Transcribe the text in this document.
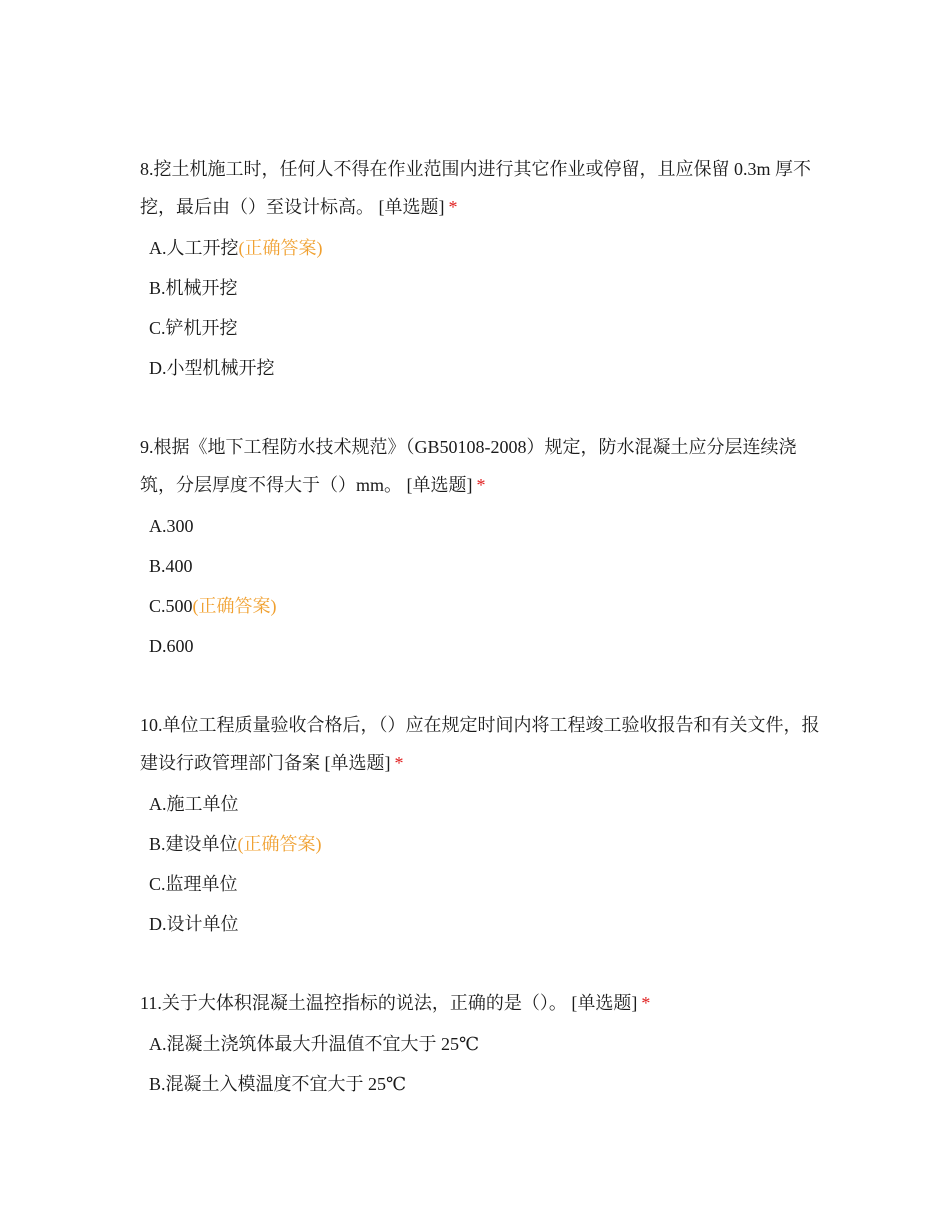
8.挖土机施工时，任何人不得在作业范围内进行其它作业或停留，且应保留 0.3m 厚不挖，最后由（）至设计标高。 [单选题] *

A.人工开挖(正确答案)
B.机械开挖
C.铲机开挖
D.小型机械开挖

9.根据《地下工程防水技术规范》（GB50108-2008）规定，防水混凝土应分层连续浇筑，分层厚度不得大于（）mm。 [单选题] *

A.300
B.400
C.500(正确答案)
D.600

10.单位工程质量验收合格后，（）应在规定时间内将工程竣工验收报告和有关文件，报建设行政管理部门备案 [单选题] *

A.施工单位
B.建设单位(正确答案)
C.监理单位
D.设计单位

11.关于大体积混凝土温控指标的说法，正确的是（）。 [单选题] *

A.混凝土浇筑体最大升温值不宜大于 25℃
B.混凝土入模温度不宜大于 25℃
